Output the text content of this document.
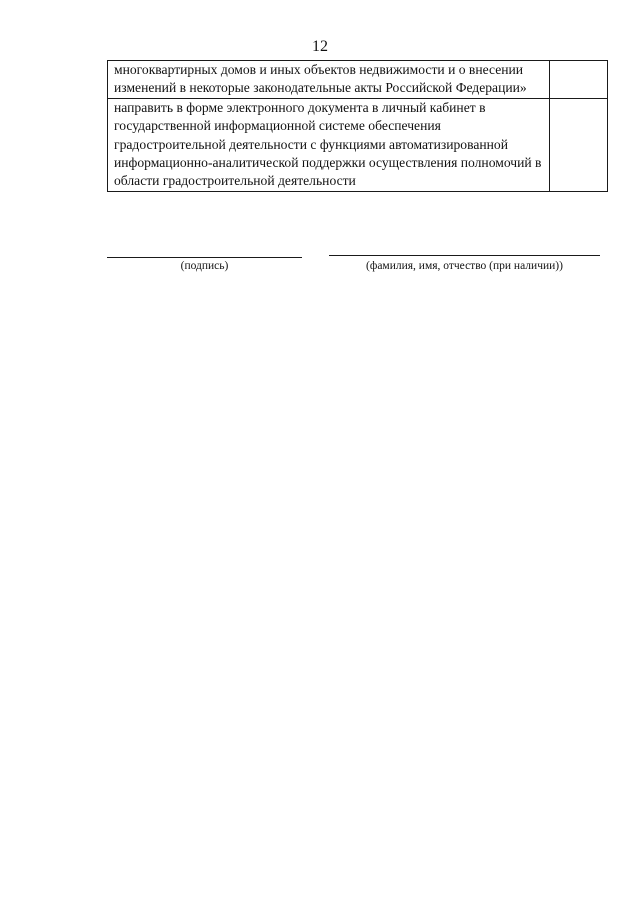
12
многоквартирных домов и иных объектов недвижимости и о внесении изменений в некоторые законодательные акты Российской Федерации»	
направить в форме электронного документа в личный кабинет в государственной информационной системе обеспечения градостроительной деятельности с функциями автоматизированной информационно-аналитической поддержки осуществления полномочий в области градостроительной деятельности	
(подпись)	(фамилия, имя, отчество (при наличии))
